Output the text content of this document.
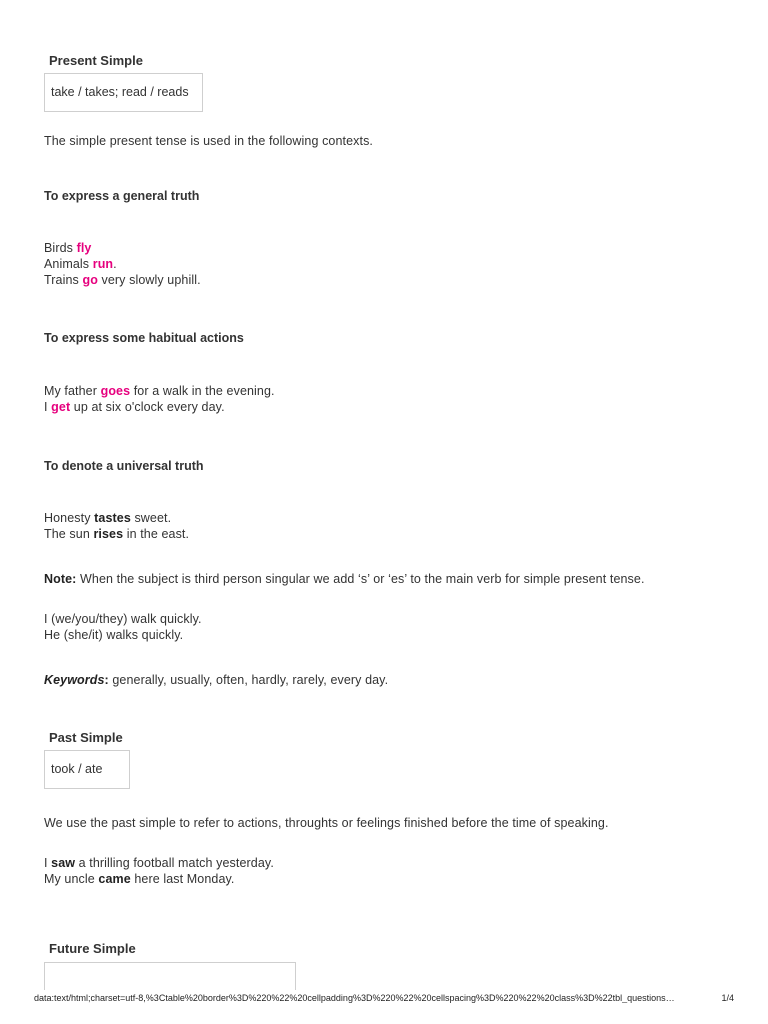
Present Simple
take / takes; read / reads
The simple present tense is used in the following contexts.
To express a general truth
Birds fly
Animals run.
Trains go very slowly uphill.
To express some habitual actions
My father goes for a walk in the evening.
I get up at six o'clock every day.
To denote a universal truth
Honesty tastes sweet.
The sun rises in the east.
Note: When the subject is third person singular we add ‘s’ or ‘es’ to the main verb for simple present tense.
I (we/you/they) walk quickly.
He (she/it) walks quickly.
Keywords: generally, usually, often, hardly, rarely, every day.
Past Simple
took / ate
We use the past simple to refer to actions, throughts or feelings finished before the time of speaking.
I saw a thrilling football match yesterday.
My uncle came here last Monday.
Future Simple
data:text/html;charset=utf-8,%3Ctable%20border%3D%220%22%20cellpadding%3D%220%22%20cellspacing%3D%220%22%20class%3D%22tbl_questions…	1/4
